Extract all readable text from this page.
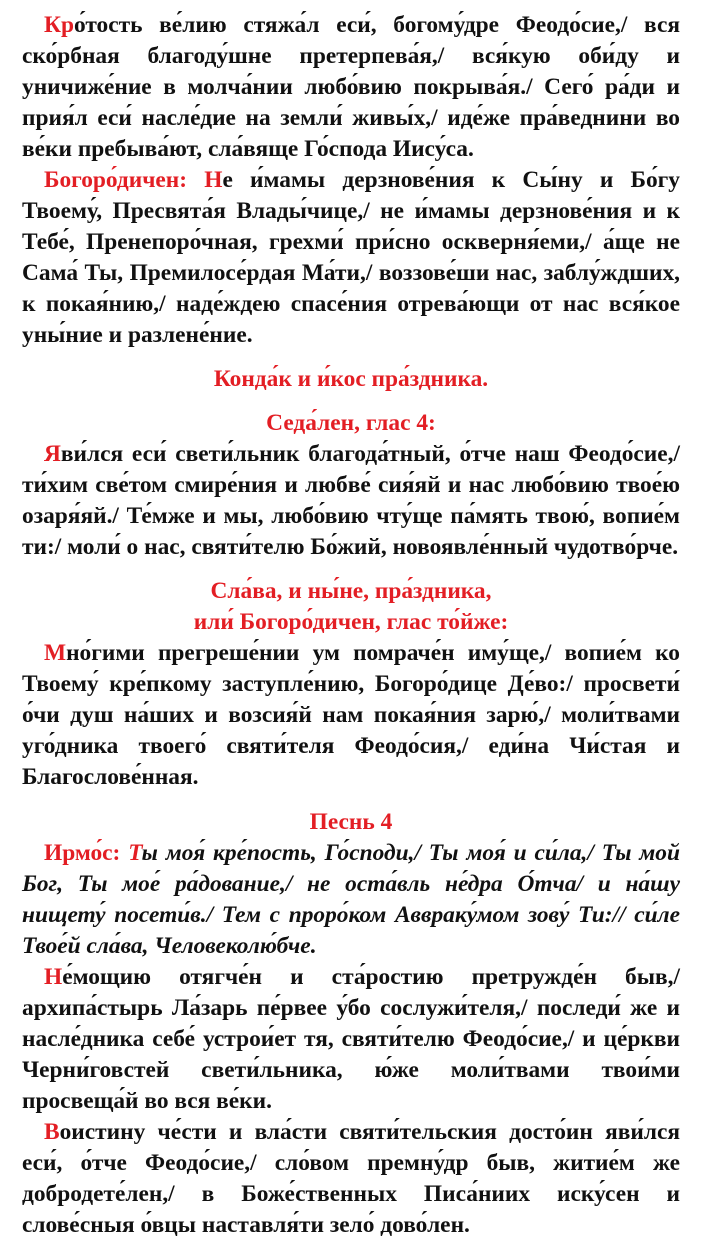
Кро́тость ве́лию стяжа́л еси́, богому́дре Феодо́сие,/ вся ско́рбная благоду́шне претерпева́я,/ вся́кую оби́ду и уничиже́ние в молча́нии любо́вию покрыва́я./ Сего́ ра́ди и прия́л еси́ насле́дие на земли́ живы́х,/ иде́же пра́веднини во ве́ки пребыва́ют, сла́вяще Го́спода Иису́са.

Богоро́дичен: Не и́мамы дерзнове́ния к Сы́ну и Бо́гу Твоему́, Пресвята́я Влады́чице,/ не и́мамы дерзнове́ния и к Тебе́, Пренепоро́чная, грехми́ при́сно оскверня́еми,/ а́ще не Сама́ Ты, Премилосе́рдая Ма́ти,/ воззове́ши нас, заблу́ждших, к покая́нию,/ наде́ждею спасе́ния отрева́ющи от нас вся́кое уны́ние и разлене́ние.

Конда́к и и́кос пра́здника.

Седа́лен, глас 4:

Яви́лся еси́ свети́льник благода́тный, о́тче наш Феодо́сие,/ ти́хим све́том смире́ния и любве́ сия́яй и нас любо́вию твое́ю озаря́яй./ Те́мже и мы, любо́вию чту́ще па́мять твою́, вопие́м ти:/ моли́ о нас, святи́телю Бо́жий, новоявле́нный чудотво́рче.

Сла́ва, и ны́не, пра́здника,
или́ Богоро́дичен, глас то́йже:

Мно́гими прегреше́нии ум помраче́н иму́ще,/ вопие́м ко Твоему́ кре́пкому заступле́нию, Богоро́дице Де́во:/ просвети́ о́чи душ на́ших и возсия́й нам покая́ния зарю́,/ моли́твами уго́дника твоего́ святи́теля Феодо́сия,/ еди́на Чи́стая и Благослове́нная.

Песнь 4

Ирмо́с: Ты моя́ кре́пость, Го́споди,/ Ты моя́ и си́ла,/ Ты мой Бог, Ты мое́ ра́дование,/ не оста́вль не́дра О́тча/ и на́шу нищету́ посети́в./ Тем с проро́ком Аввраку́мом зову́ Ти:// си́ле Твое́й сла́ва, Человеколю́бче.

Не́мощию отягче́н и ста́ростию претружде́н быв,/ архипа́стырь Ла́зарь пе́рвее у́бо сослужи́теля,/ последи́ же и насле́дника себе́ устрои́ет тя, святи́телю Феодо́сие,/ и це́ркви Черни́говстей свети́льника, ю́же моли́твами твои́ми просвеща́й во вся ве́ки.

Воистину че́сти и вла́сти святи́тельския досто́ин яви́лся еси́, о́тче Феодо́сие,/ сло́вом премну́др быв, житие́м же добродете́лен,/ в Боже́ственных Писа́ниих иску́сен и слове́сныя о́вцы наставля́ти зело́ дово́лен.
